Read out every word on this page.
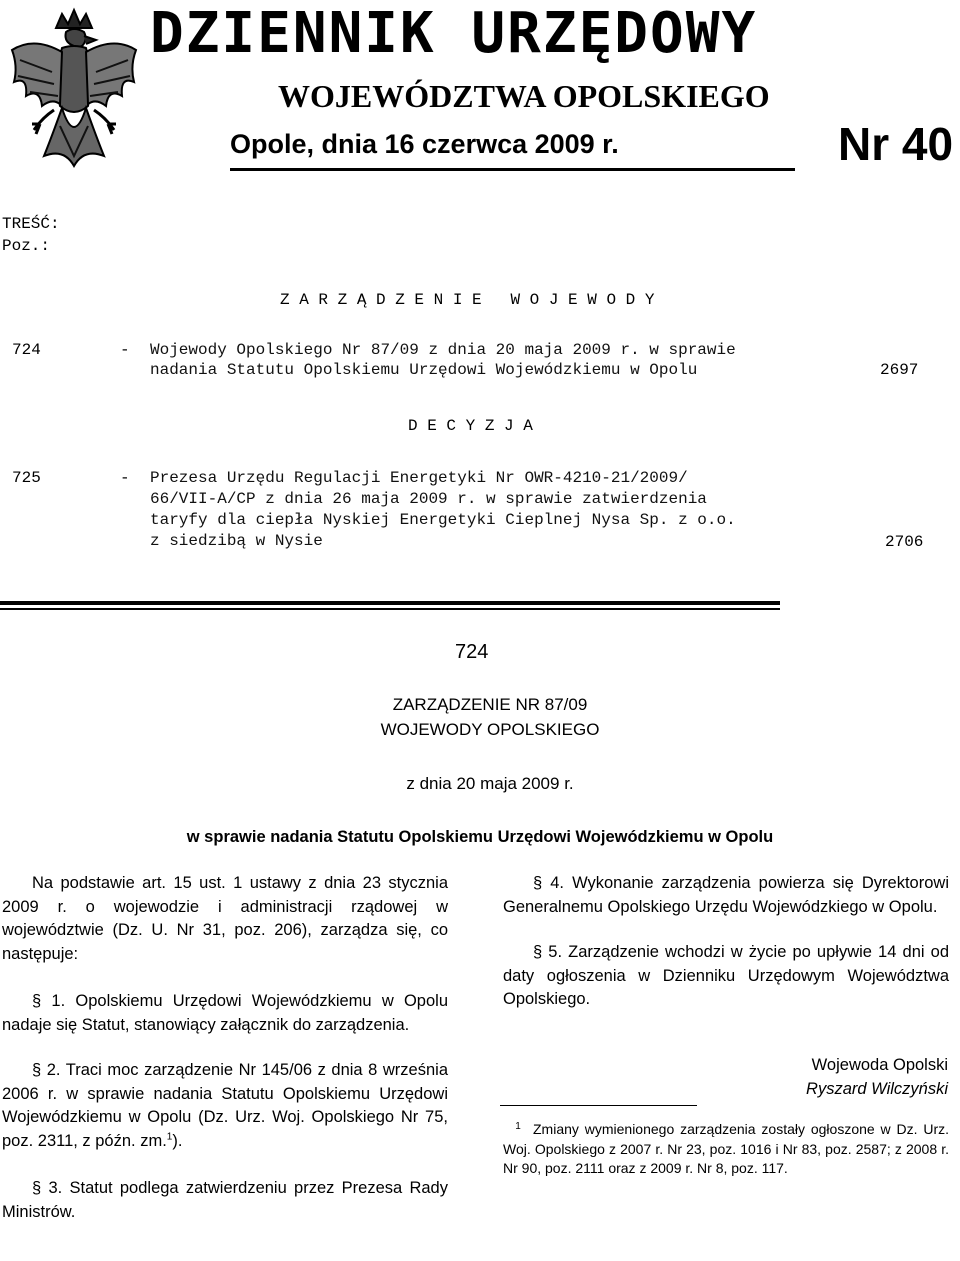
DZIENNIK URZĘDOWY
WOJEWÓDZTWA OPOLSKIEGO
Opole, dnia 16 czerwca 2009 r.	Nr 40
TREŚĆ:
Poz.:
Z A R Z Ą D Z E N I E   W O J E W O D Y
724	- Wojewody Opolskiego Nr 87/09 z dnia 20 maja 2009 r. w sprawie
nadania Statutu Opolskiemu Urzędowi Wojewódzkiemu w Opolu	2697
D E C Y Z J A
725	- Prezesa Urzędu Regulacji Energetyki Nr OWR-4210-21/2009/
66/VII-A/CP z dnia 26 maja 2009 r. w sprawie zatwierdzenia
taryfy dla ciepła Nyskiej Energetyki Cieplnej Nysa Sp. z o.o.
z siedzibą w Nysie	2706
724
ZARZĄDZENIE NR 87/09
WOJEWODY OPOLSKIEGO
z dnia 20 maja 2009 r.
w sprawie nadania Statutu Opolskiemu Urzędowi Wojewódzkiemu w Opolu

Na podstawie art. 15 ust. 1 ustawy z dnia 23 stycznia 2009 r. o wojewodzie i administracji rządowej w województwie (Dz. U. Nr 31, poz. 206), zarządza się, co następuje:

§ 1. Opolskiemu Urzędowi Wojewódzkiemu w Opolu nadaje się Statut, stanowiący załącznik do zarządzenia.

§ 2. Traci moc zarządzenie Nr 145/06 z dnia 8 września 2006 r. w sprawie nadania Statutu Opolskiemu Urzędowi Wojewódzkiemu w Opolu (Dz. Urz. Woj. Opolskiego Nr 75, poz. 2311, z późn. zm.$^1$).

§ 3. Statut podlega zatwierdzeniu przez Prezesa Rady Ministrów.

§ 4. Wykonanie zarządzenia powierza się Dyrektorowi Generalnemu Opolskiego Urzędu Wojewódzkiego w Opolu.

§ 5. Zarządzenie wchodzi w życie po upływie 14 dni od daty ogłoszenia w Dzienniku Urzędowym Województwa Opolskiego.

Wojewoda Opolski
Ryszard Wilczyński
1 Zmiany wymienionego zarządzenia zostały ogłoszone w Dz. Urz. Woj. Opolskiego z 2007 r. Nr 23, poz. 1016 i Nr 83, poz. 2587; z 2008 r. Nr 90, poz. 2111 oraz z 2009 r. Nr 8, poz. 117.
